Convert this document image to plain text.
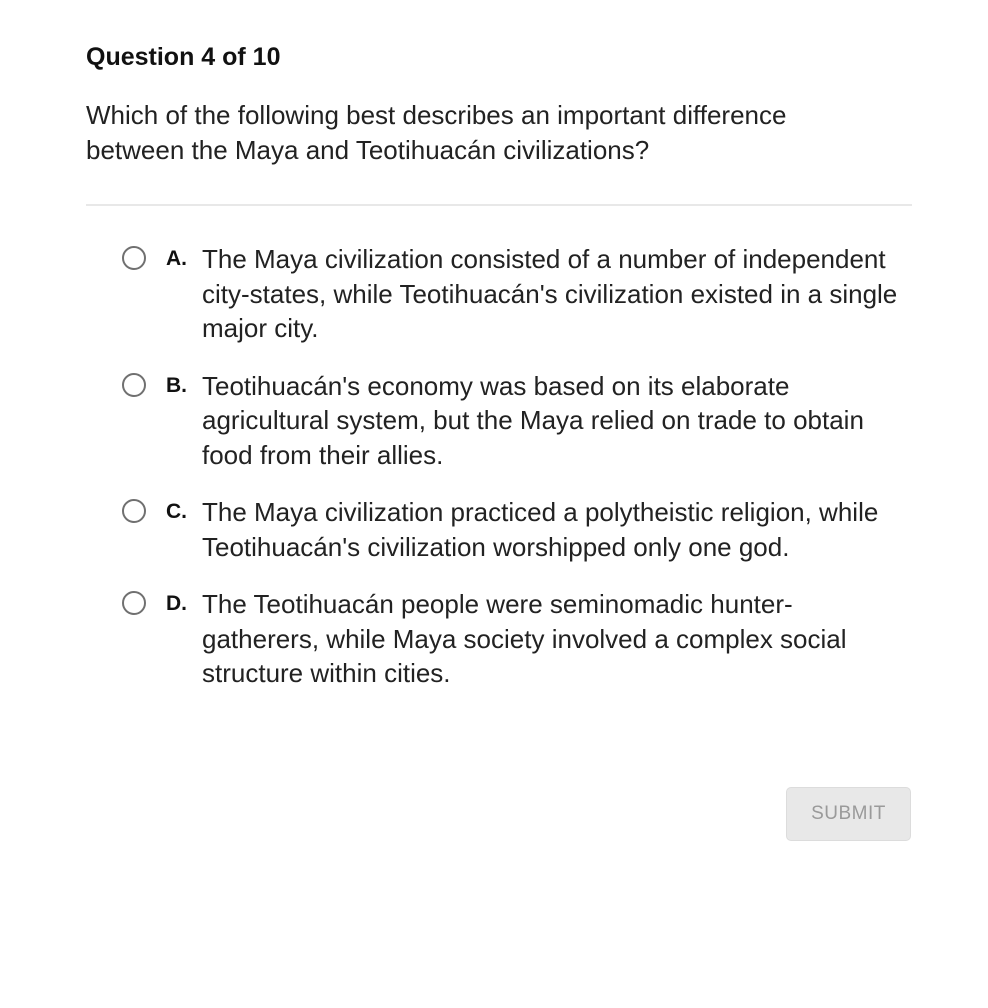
Question 4 of 10
Which of the following best describes an important difference between the Maya and Teotihuacán civilizations?
A. The Maya civilization consisted of a number of independent city-states, while Teotihuacán's civilization existed in a single major city.
B. Teotihuacán's economy was based on its elaborate agricultural system, but the Maya relied on trade to obtain food from their allies.
C. The Maya civilization practiced a polytheistic religion, while Teotihuacán's civilization worshipped only one god.
D. The Teotihuacán people were seminomadic hunter-gatherers, while Maya society involved a complex social structure within cities.
SUBMIT
